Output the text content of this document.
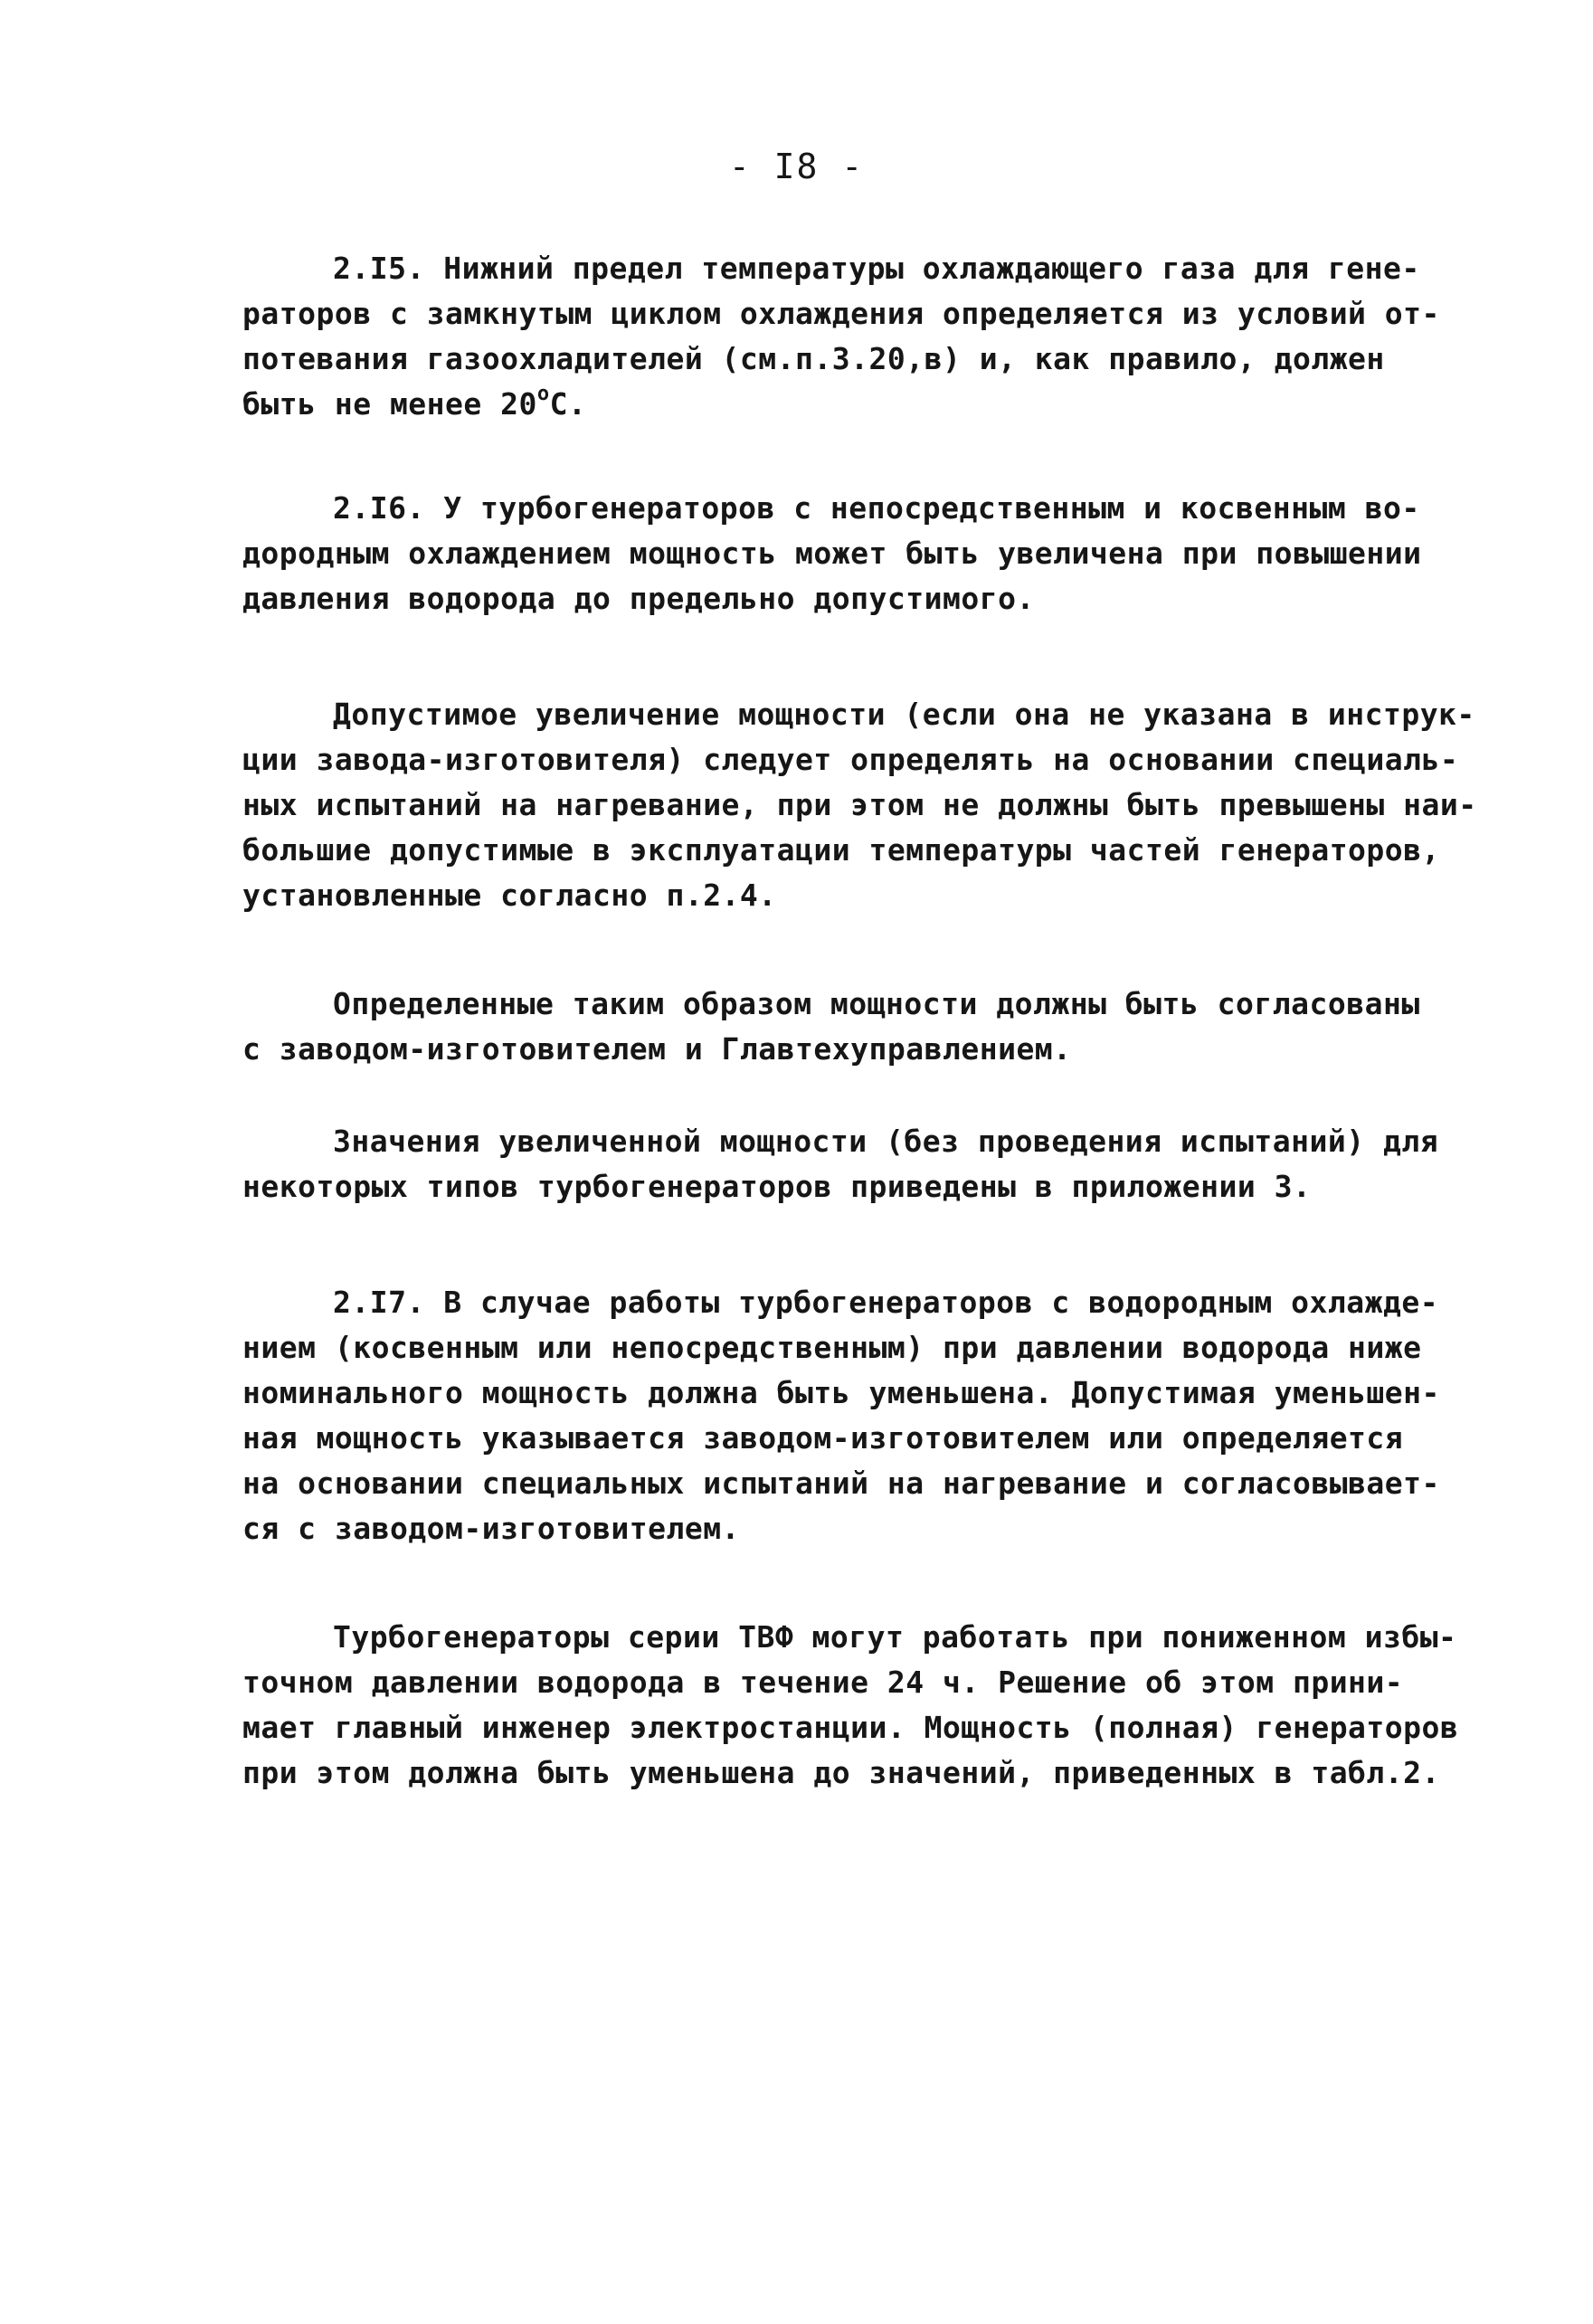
- I8 -
2.I5. Нижний предел температуры охлаждающего газа для гене-
раторов с замкнутым циклом охлаждения определяется из условий от-
потевания газоохладителей (см.п.3.20,в) и, как правило, должен
быть не менее 20$^o$С.
2.I6. У турбогенераторов с непосредственным и косвенным во-
дородным охлаждением мощность может быть увеличена при повышении
давления водорода до предельно допустимого.
Допустимое увеличение мощности (если она не указана в инструк-
ции завода-изготовителя) следует определять на основании специаль-
ных испытаний на нагревание, при этом не должны быть превышены наи-
большие допустимые в эксплуатации температуры частей генераторов,
установленные согласно п.2.4.
Определенные таким образом мощности должны быть согласованы
с заводом-изготовителем и Главтехуправлением.
Значения увеличенной мощности (без проведения испытаний) для
некоторых типов турбогенераторов приведены в приложении 3.
2.I7. В случае работы турбогенераторов с водородным охлажде-
нием (косвенным или непосредственным) при давлении водорода ниже
номинального мощность должна быть уменьшена. Допустимая уменьшен-
ная мощность указывается заводом-изготовителем или определяется
на основании специальных испытаний на нагревание и согласовывает-
ся с заводом-изготовителем.
Турбогенераторы серии ТВФ могут работать при пониженном избы-
точном давлении водорода в течение 24 ч. Решение об этом прини-
мает главный инженер электростанции. Мощность (полная) генераторов
при этом должна быть уменьшена до значений, приведенных в табл.2.
